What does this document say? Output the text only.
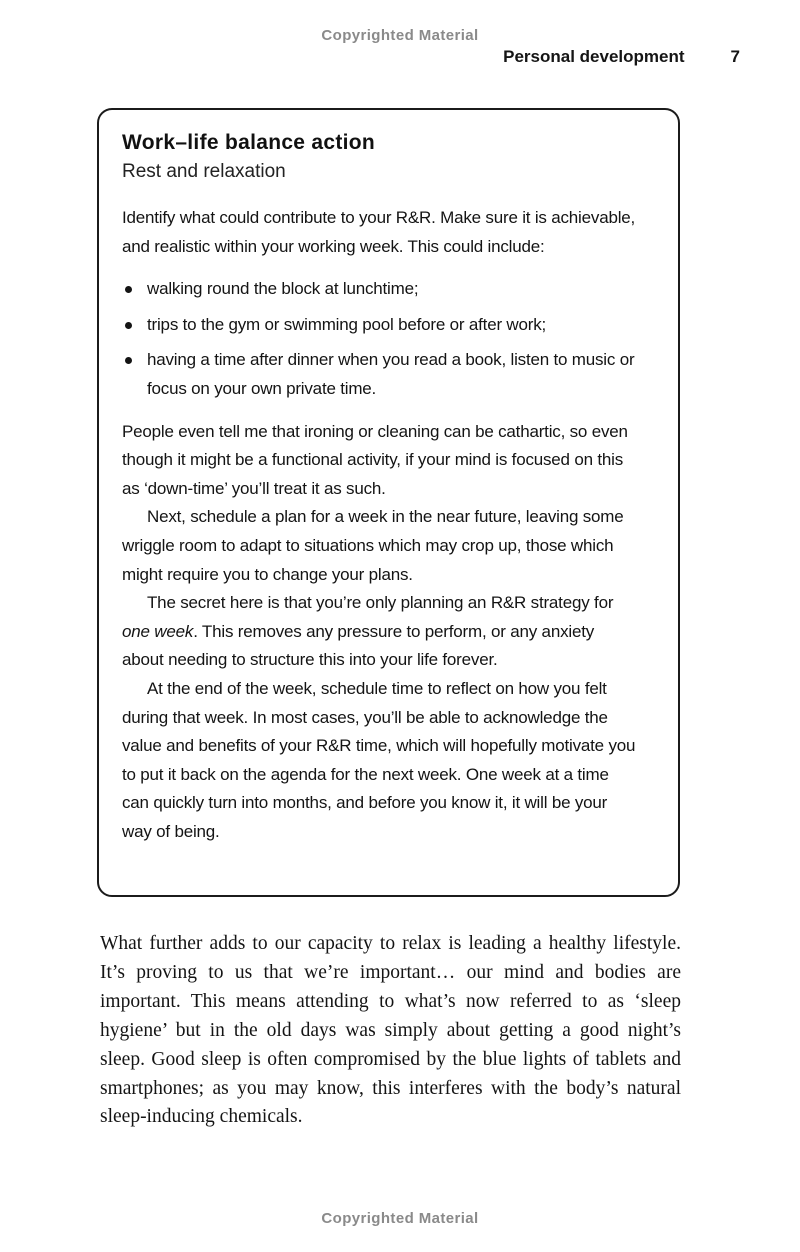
Copyrighted Material
Personal development	7
Work–life balance action
Rest and relaxation

Identify what could contribute to your R&R. Make sure it is achievable, and realistic within your working week. This could include:

walking round the block at lunchtime;
trips to the gym or swimming pool before or after work;
having a time after dinner when you read a book, listen to music or focus on your own private time.

People even tell me that ironing or cleaning can be cathartic, so even though it might be a functional activity, if your mind is focused on this as ‘down-time’ you’ll treat it as such.

Next, schedule a plan for a week in the near future, leaving some wriggle room to adapt to situations which may crop up, those which might require you to change your plans.

The secret here is that you’re only planning an R&R strategy for one week. This removes any pressure to perform, or any anxiety about needing to structure this into your life forever.

At the end of the week, schedule time to reflect on how you felt during that week. In most cases, you’ll be able to acknowledge the value and benefits of your R&R time, which will hopefully motivate you to put it back on the agenda for the next week. One week at a time can quickly turn into months, and before you know it, it will be your way of being.

What further adds to our capacity to relax is leading a healthy lifestyle. It’s proving to us that we’re important… our mind and bodies are important. This means attending to what’s now referred to as ‘sleep hygiene’ but in the old days was simply about getting a good night’s sleep. Good sleep is often compromised by the blue lights of tablets and smartphones; as you may know, this interferes with the body’s natural sleep-inducing chemicals.

Copyrighted Material
